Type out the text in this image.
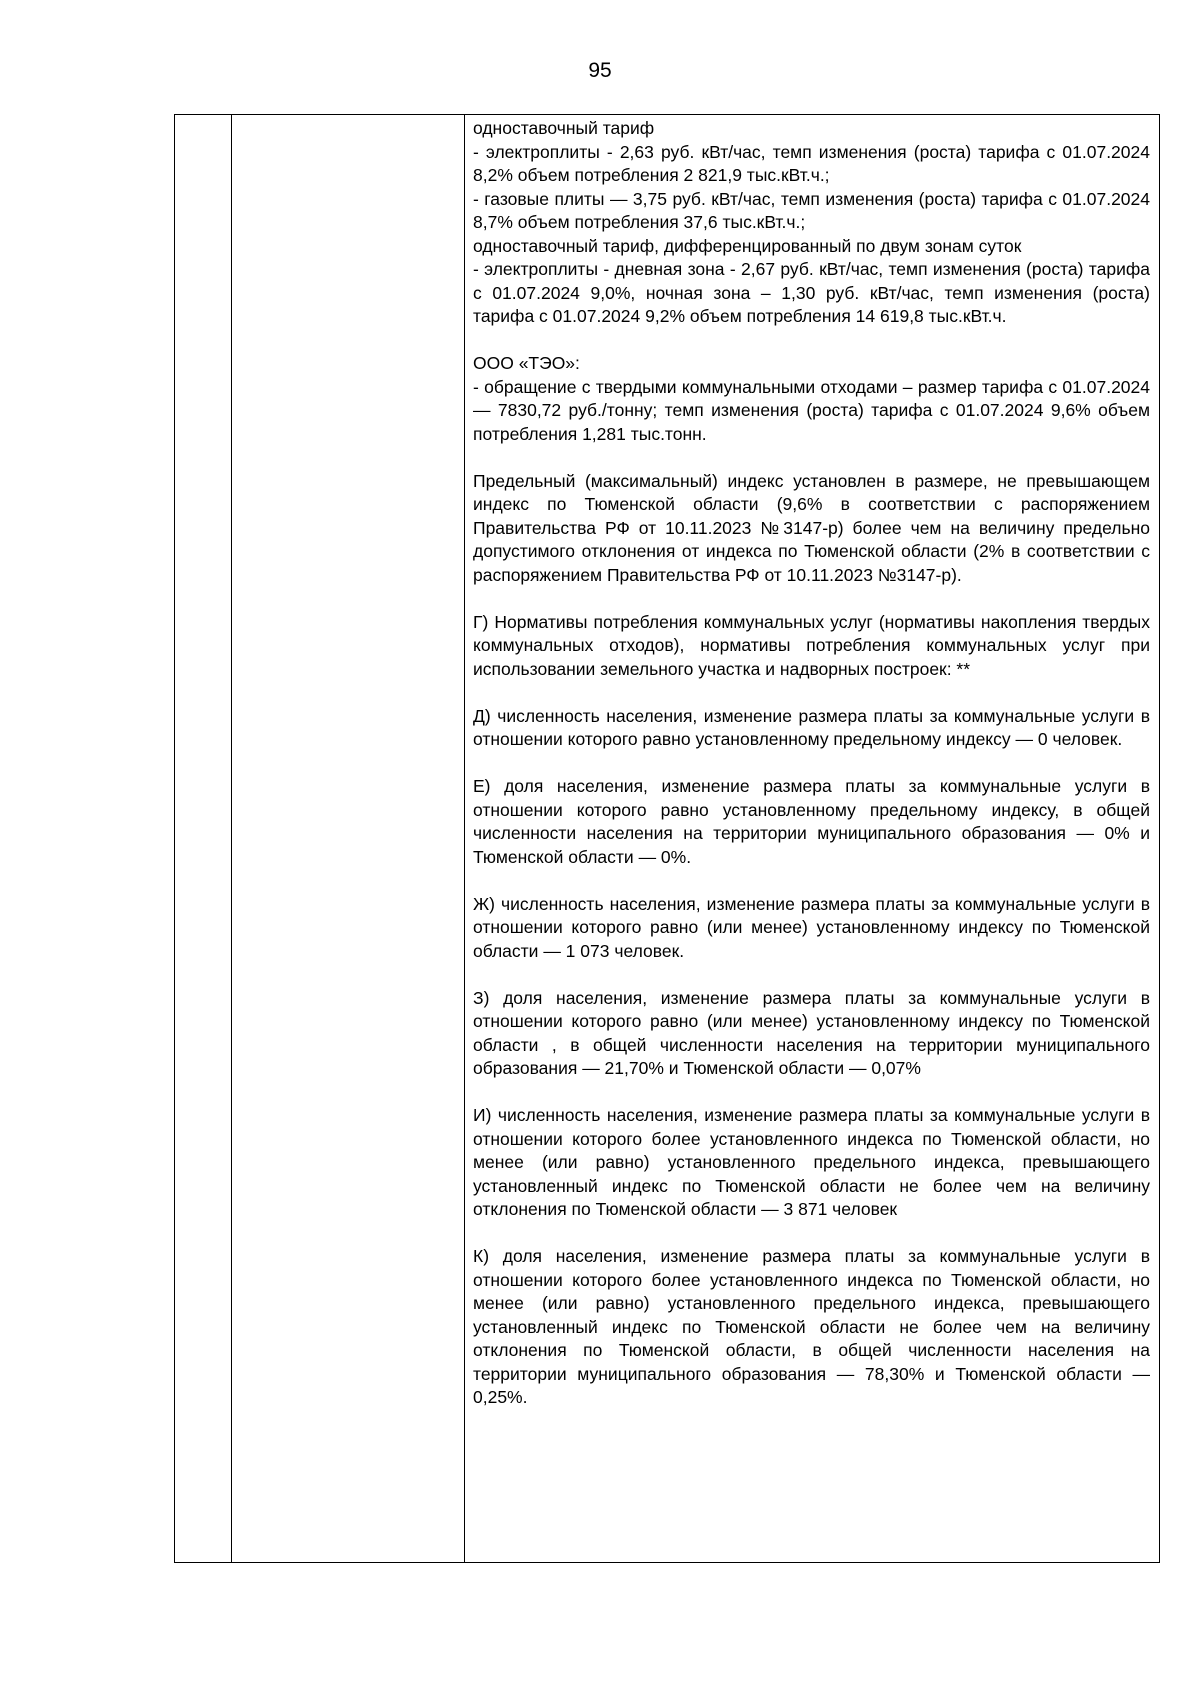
95

одноставочный тариф

- электроплиты - 2,63 руб. кВт/час, темп изменения (роста) тарифа с 01.07.2024 8,2% объем потребления 2 821,9 тыс.кВт.ч.;

- газовые плиты — 3,75 руб. кВт/час, темп изменения (роста) тарифа с 01.07.2024 8,7% объем потребления 37,6 тыс.кВт.ч.;

одноставочный тариф, дифференцированный по двум зонам суток

- электроплиты - дневная зона - 2,67 руб. кВт/час, темп изменения (роста) тарифа с 01.07.2024 9,0%, ночная зона – 1,30 руб. кВт/час, темп изменения (роста) тарифа с 01.07.2024 9,2% объем потребления 14 619,8 тыс.кВт.ч.

ООО «ТЭО»:

- обращение с твердыми коммунальными отходами – размер тарифа с 01.07.2024 — 7830,72 руб./тонну; темп изменения (роста) тарифа с 01.07.2024 9,6% объем потребления 1,281 тыс.тонн.

Предельный (максимальный) индекс установлен в размере, не превышающем индекс по Тюменской области (9,6% в соответствии с распоряжением Правительства РФ от 10.11.2023 №3147-р) более чем на величину предельно допустимого отклонения от индекса по Тюменской области (2% в соответствии с распоряжением Правительства РФ от 10.11.2023 №3147-р).

Г) Нормативы потребления коммунальных услуг (нормативы накопления твердых коммунальных отходов), нормативы потребления коммунальных услуг при использовании земельного участка и надворных построек: **

Д) численность населения, изменение размера платы за коммунальные услуги в отношении которого равно установленному предельному индексу — 0 человек.

Е) доля населения, изменение размера платы за коммунальные услуги в отношении которого равно установленному предельному индексу, в общей численности населения на территории муниципального образования — 0% и Тюменской области — 0%.

Ж) численность населения, изменение размера платы за коммунальные услуги в отношении которого равно (или менее) установленному индексу по Тюменской области — 1 073 человек.

З) доля населения, изменение размера платы за коммунальные услуги в отношении которого равно (или менее) установленному индексу по Тюменской области , в общей численности населения на территории муниципального образования — 21,70% и Тюменской области — 0,07%

И) численность населения, изменение размера платы за коммунальные услуги в отношении которого более установленного индекса по Тюменской области, но менее (или равно) установленного предельного индекса, превышающего установленный индекс по Тюменской области не более чем на величину отклонения по Тюменской области — 3 871 человек

К) доля населения, изменение размера платы за коммунальные услуги в отношении которого более установленного индекса по Тюменской области, но менее (или равно) установленного предельного индекса, превышающего установленный индекс по Тюменской области не более чем на величину отклонения по Тюменской области, в общей численности населения на территории муниципального образования — 78,30% и Тюменской области — 0,25%.
